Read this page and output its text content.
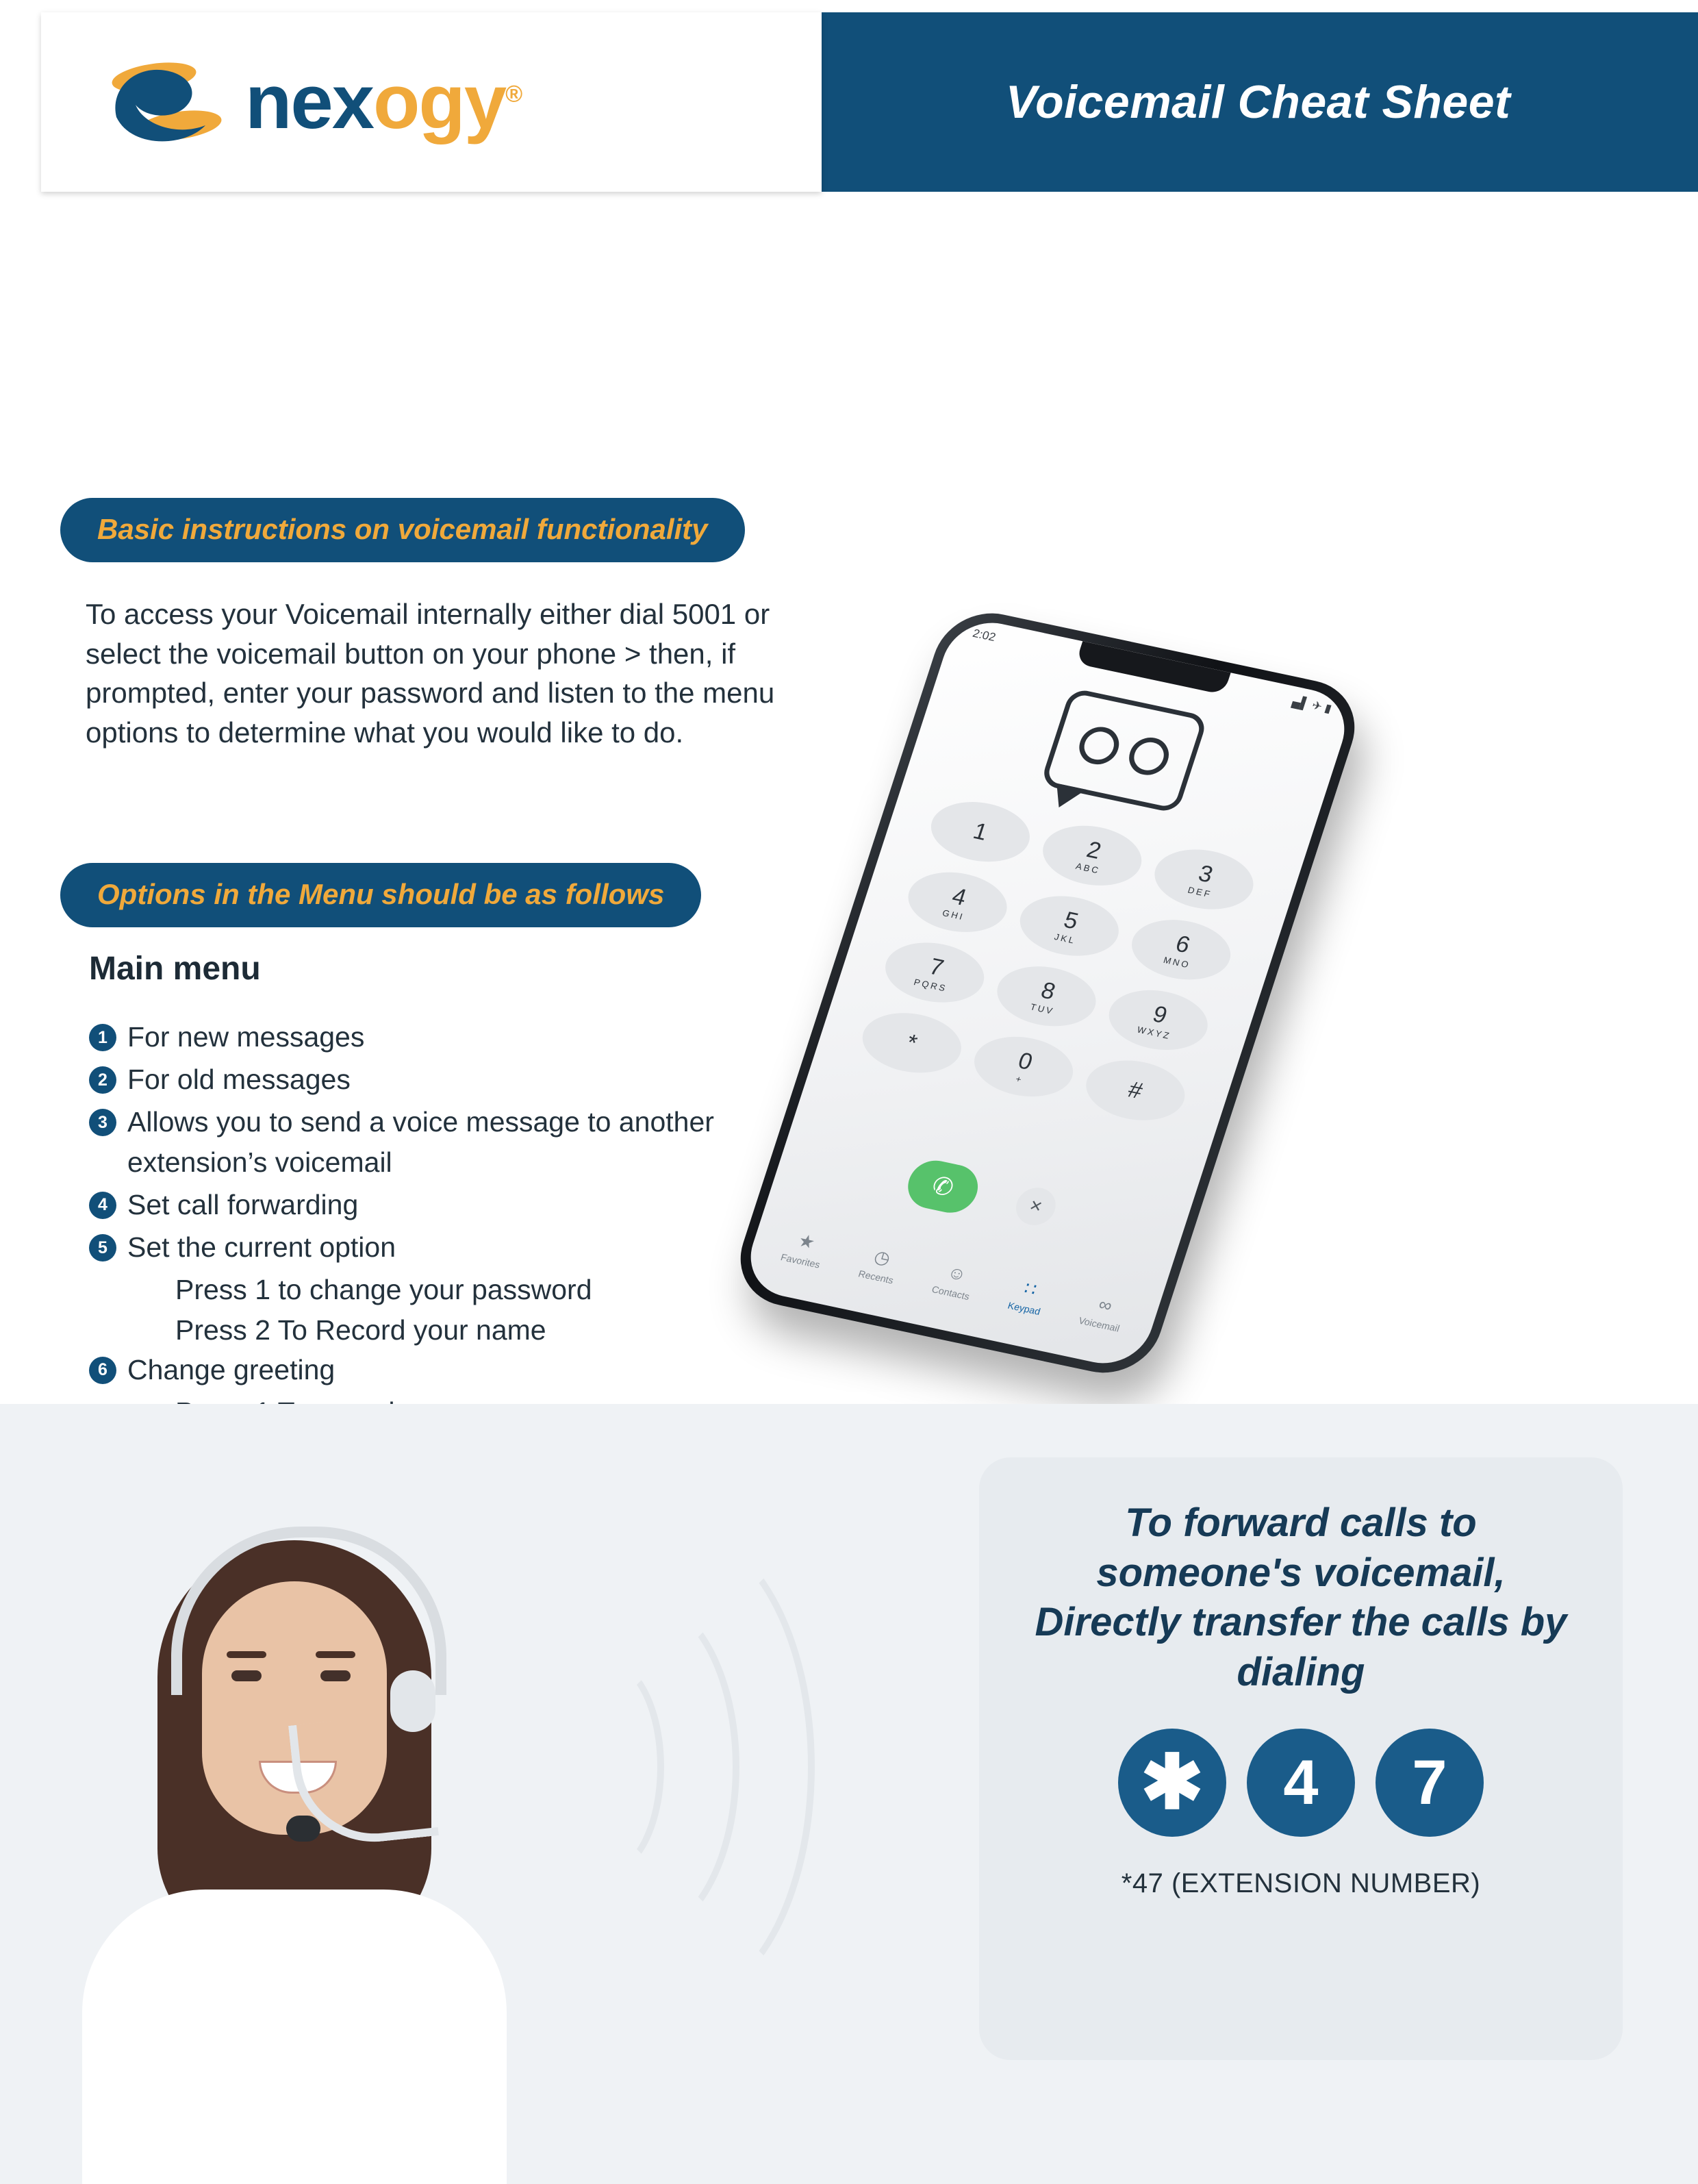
nexogy®	Voicemail Cheat Sheet
Basic instructions on voicemail functionality
To access your Voicemail internally either dial 5001 or select the voicemail button on your phone > then, if prompted, enter your password and listen to the menu options to determine what you would like to do.
Options in the Menu should be as follows
Main menu
1 For new messages
2 For old messages
3 Allows you to send a voice message to another extension’s voicemail
4 Set call forwarding
5 Set the current option
Press 1 to change your password
Press 2 To Record your name
6 Change greeting
2:02
▄▌ ✈ ▮
1
2
ABC	3
DEF
4
GHI	5
JKL	6
MNO
7
PQRS	8
TUV	9
WXYZ
*
0
+	#
✆
✕
★
Favorites	◷
Recents	☺
Contacts	∷
Keypad	∞
Voicemail
To forward calls to someone's voicemail, Directly transfer the calls by dialing
✱	4	7
*47 (EXTENSION NUMBER)
